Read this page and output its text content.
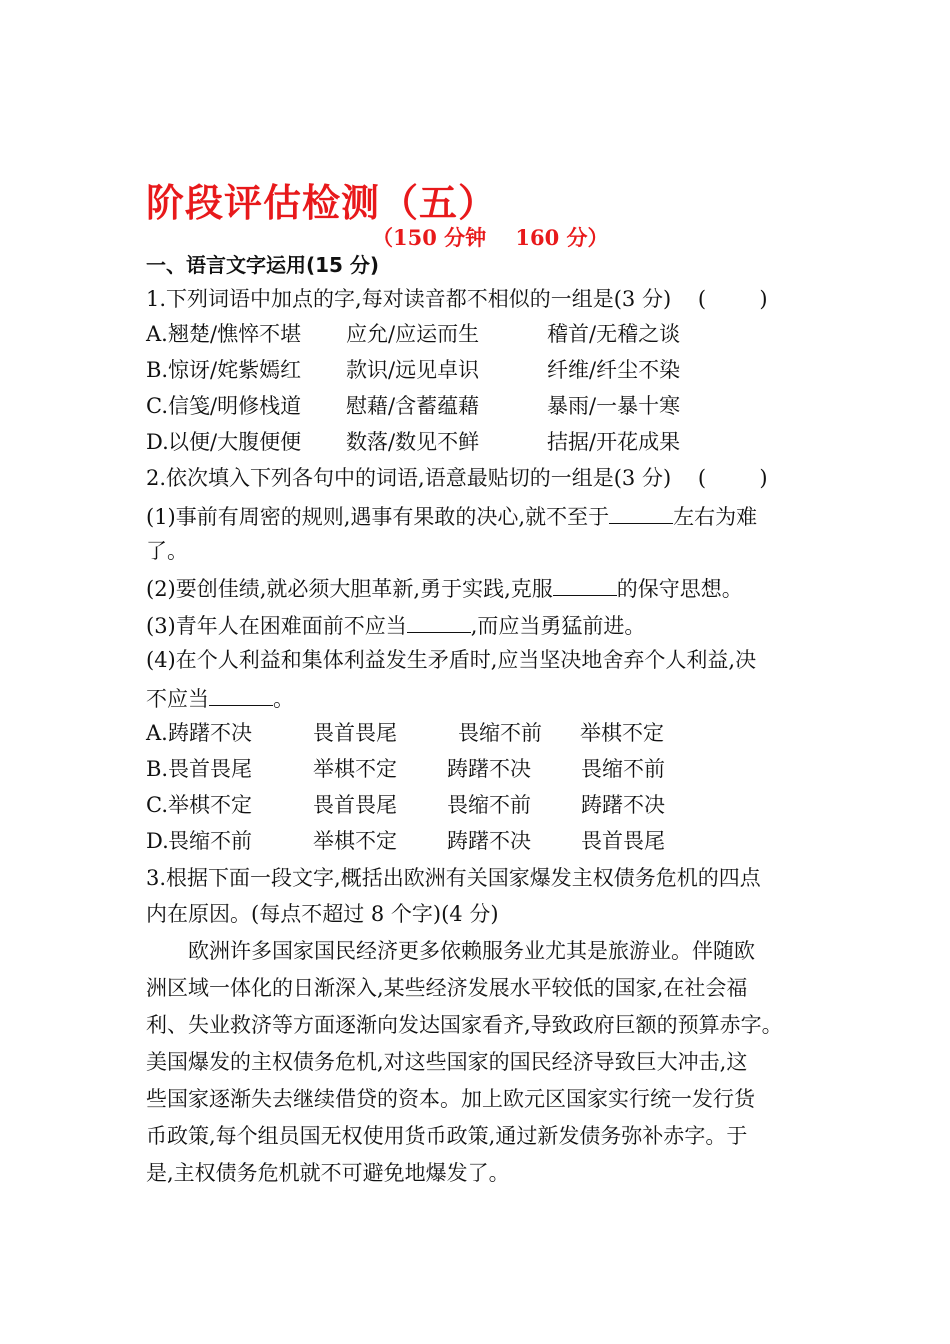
阶段评估检测（五）
（150 分钟    160 分）
一、语言文字运用(15 分)
1.下列词语中加点的字,每对读音都不相似的一组是(3 分)    (        )
A. 翘楚/憔悴不堪 应允/应运而生	稽首/无稽之谈
B. 惊讶/姹紫嫣红 款识/远见卓识	纤维/纤尘不染
C. 信笺/明修栈道 慰藉/含蓄蕴藉	暴雨/一暴十寒
D. 以便/大腹便便 数落/数见不鲜	拮据/开花成果
2.依次填入下列各句中的词语,语意最贴切的一组是(3 分)    (        )
(1)事前有周密的规则,遇事有果敢的决心,就不至于	左右为难
了。
(2)要创佳绩,就必须大胆革新,勇于实践,克服	的保守思想。
(3)青年人在困难面前不应当	,而应当勇猛前进。
(4)在个人利益和集体利益发生矛盾时,应当坚决地舍弃个人利益,决
不应当	。
A. 踌躇不决	畏首畏尾	畏缩不前 举棋不定
B. 畏首畏尾	举棋不定 踌躇不决 畏缩不前
C. 举棋不定	畏首畏尾 畏缩不前 踌躇不决
D. 畏缩不前	举棋不定 踌躇不决 畏首畏尾
3.根据下面一段文字,概括出欧洲有关国家爆发主权债务危机的四点
内在原因。(每点不超过 8 个字)(4 分)
欧洲许多国家国民经济更多依赖服务业尤其是旅游业。伴随欧
洲区域一体化的日渐深入,某些经济发展水平较低的国家,在社会福
利、失业救济等方面逐渐向发达国家看齐,导致政府巨额的预算赤字。
美国爆发的主权债务危机,对这些国家的国民经济导致巨大冲击,这
些国家逐渐失去继续借贷的资本。加上欧元区国家实行统一发行货
币政策,每个组员国无权使用货币政策,通过新发债务弥补赤字。于
是,主权债务危机就不可避免地爆发了。
